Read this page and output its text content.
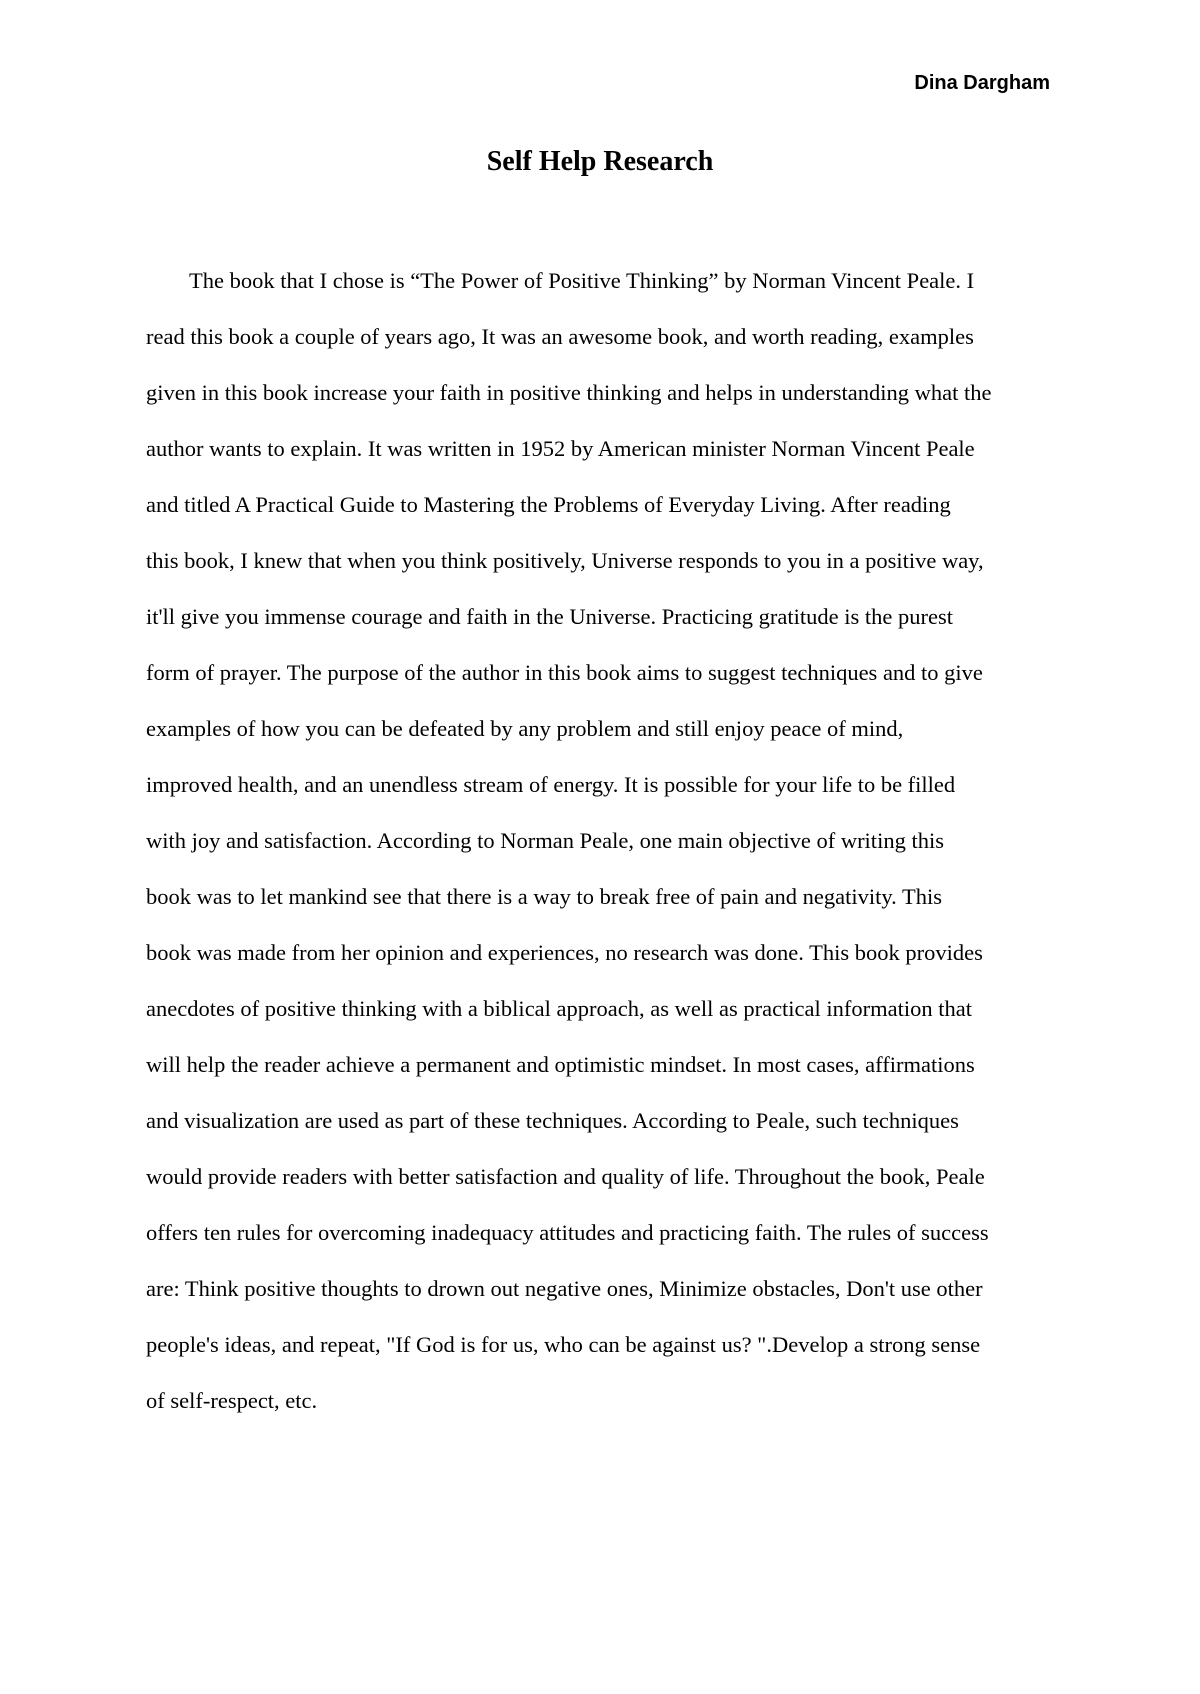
Dina Dargham

Self Help Research
The book that I chose is “The Power of Positive Thinking” by Norman Vincent Peale. I
read this book a couple of years ago, It was an awesome book, and worth reading, examples
given in this book increase your faith in positive thinking and helps in understanding what the
author wants to explain. It was written in 1952 by American minister Norman Vincent Peale
and titled A Practical Guide to Mastering the Problems of Everyday Living. After reading
this book, I knew that when you think positively, Universe responds to you in a positive way,
it'll give you immense courage and faith in the Universe. Practicing gratitude is the purest
form of prayer. The purpose of the author in this book aims to suggest techniques and to give
examples of how you can be defeated by any problem and still enjoy peace of mind,
improved health, and an unendless stream of energy. It is possible for your life to be filled
with joy and satisfaction. According to Norman Peale, one main objective of writing this
book was to let mankind see that there is a way to break free of pain and negativity. This
book was made from her opinion and experiences, no research was done. This book provides
anecdotes of positive thinking with a biblical approach, as well as practical information that
will help the reader achieve a permanent and optimistic mindset. In most cases, affirmations
and visualization are used as part of these techniques. According to Peale, such techniques
would provide readers with better satisfaction and quality of life. Throughout the book, Peale
offers ten rules for overcoming inadequacy attitudes and practicing faith. The rules of success
are: Think positive thoughts to drown out negative ones, Minimize obstacles, Don't use other
people's ideas, and repeat, "If God is for us, who can be against us? ".Develop a strong sense
of self-respect, etc.
